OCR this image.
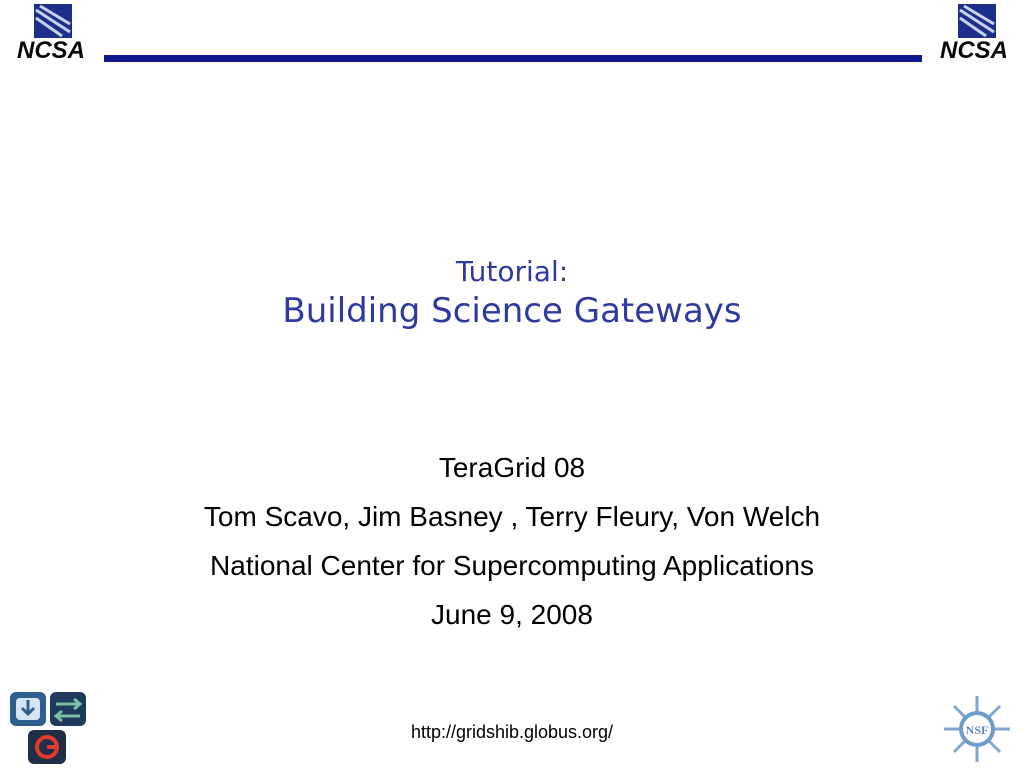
NCSA	NCSA
Tutorial:
Building Science Gateways
TeraGrid 08
Tom Scavo, Jim Basney , Terry Fleury, Von Welch
National Center for Supercomputing Applications
June 9, 2008
http://gridshib.globus.org/	NSF
